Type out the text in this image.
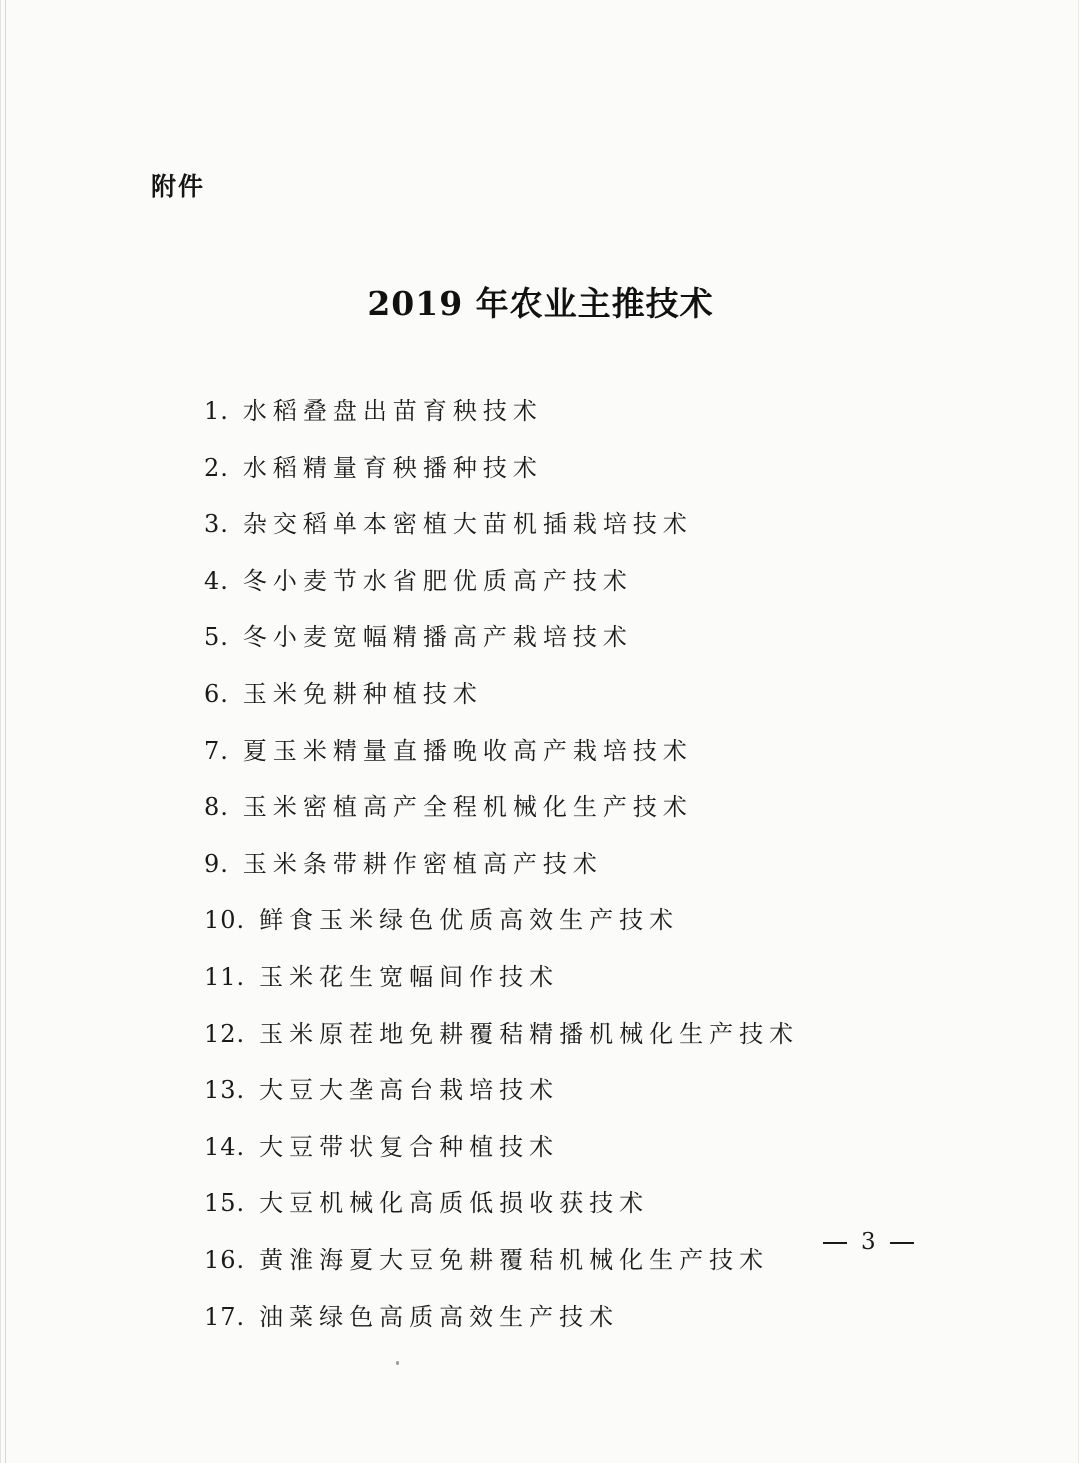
附件
2019 年农业主推技术
1. 水稻叠盘出苗育秧技术
2. 水稻精量育秧播种技术
3. 杂交稻单本密植大苗机插栽培技术
4. 冬小麦节水省肥优质高产技术
5. 冬小麦宽幅精播高产栽培技术
6. 玉米免耕种植技术
7. 夏玉米精量直播晚收高产栽培技术
8. 玉米密植高产全程机械化生产技术
9. 玉米条带耕作密植高产技术
10. 鲜食玉米绿色优质高效生产技术
11. 玉米花生宽幅间作技术
12. 玉米原茬地免耕覆秸精播机械化生产技术
13. 大豆大垄高台栽培技术
14. 大豆带状复合种植技术
15. 大豆机械化高质低损收获技术
16. 黄淮海夏大豆免耕覆秸机械化生产技术
17. 油菜绿色高质高效生产技术
3
